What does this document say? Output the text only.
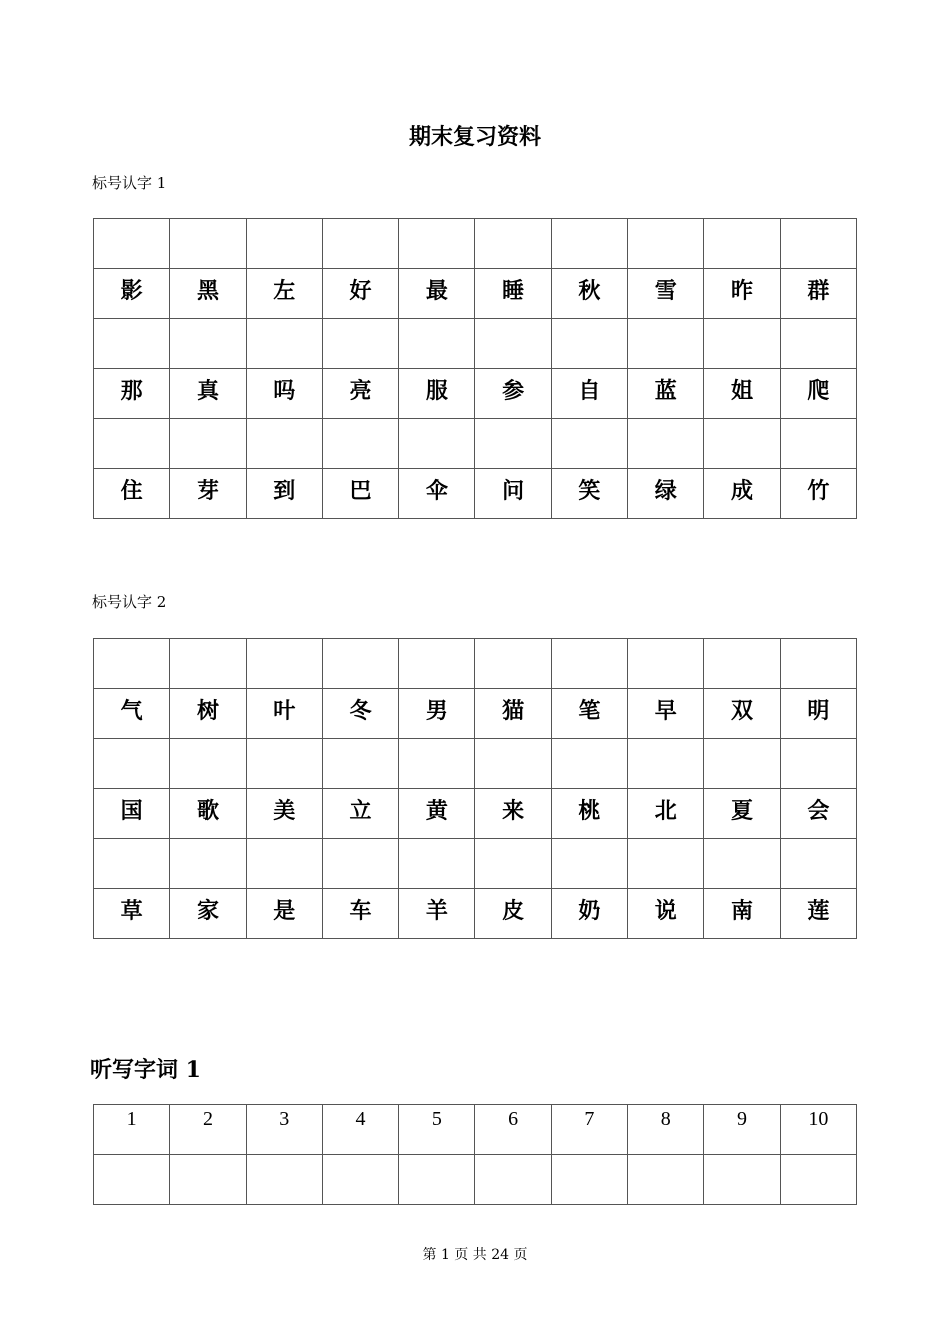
期末复习资料
标号认字 1

影	黑	左	好	最	睡	秋	雪	昨	群

那	真	吗	亮	服	参	自	蓝	姐	爬

住	芽	到	巴	伞	问	笑	绿	成	竹
标号认字 2

气	树	叶	冬	男	猫	笔	早	双	明

国	歌	美	立	黄	来	桃	北	夏	会

草	家	是	车	羊	皮	奶	说	南	莲
听写字词 1
1	2	3	4	5	6	7	8	9	10

第 1 页 共 24 页
